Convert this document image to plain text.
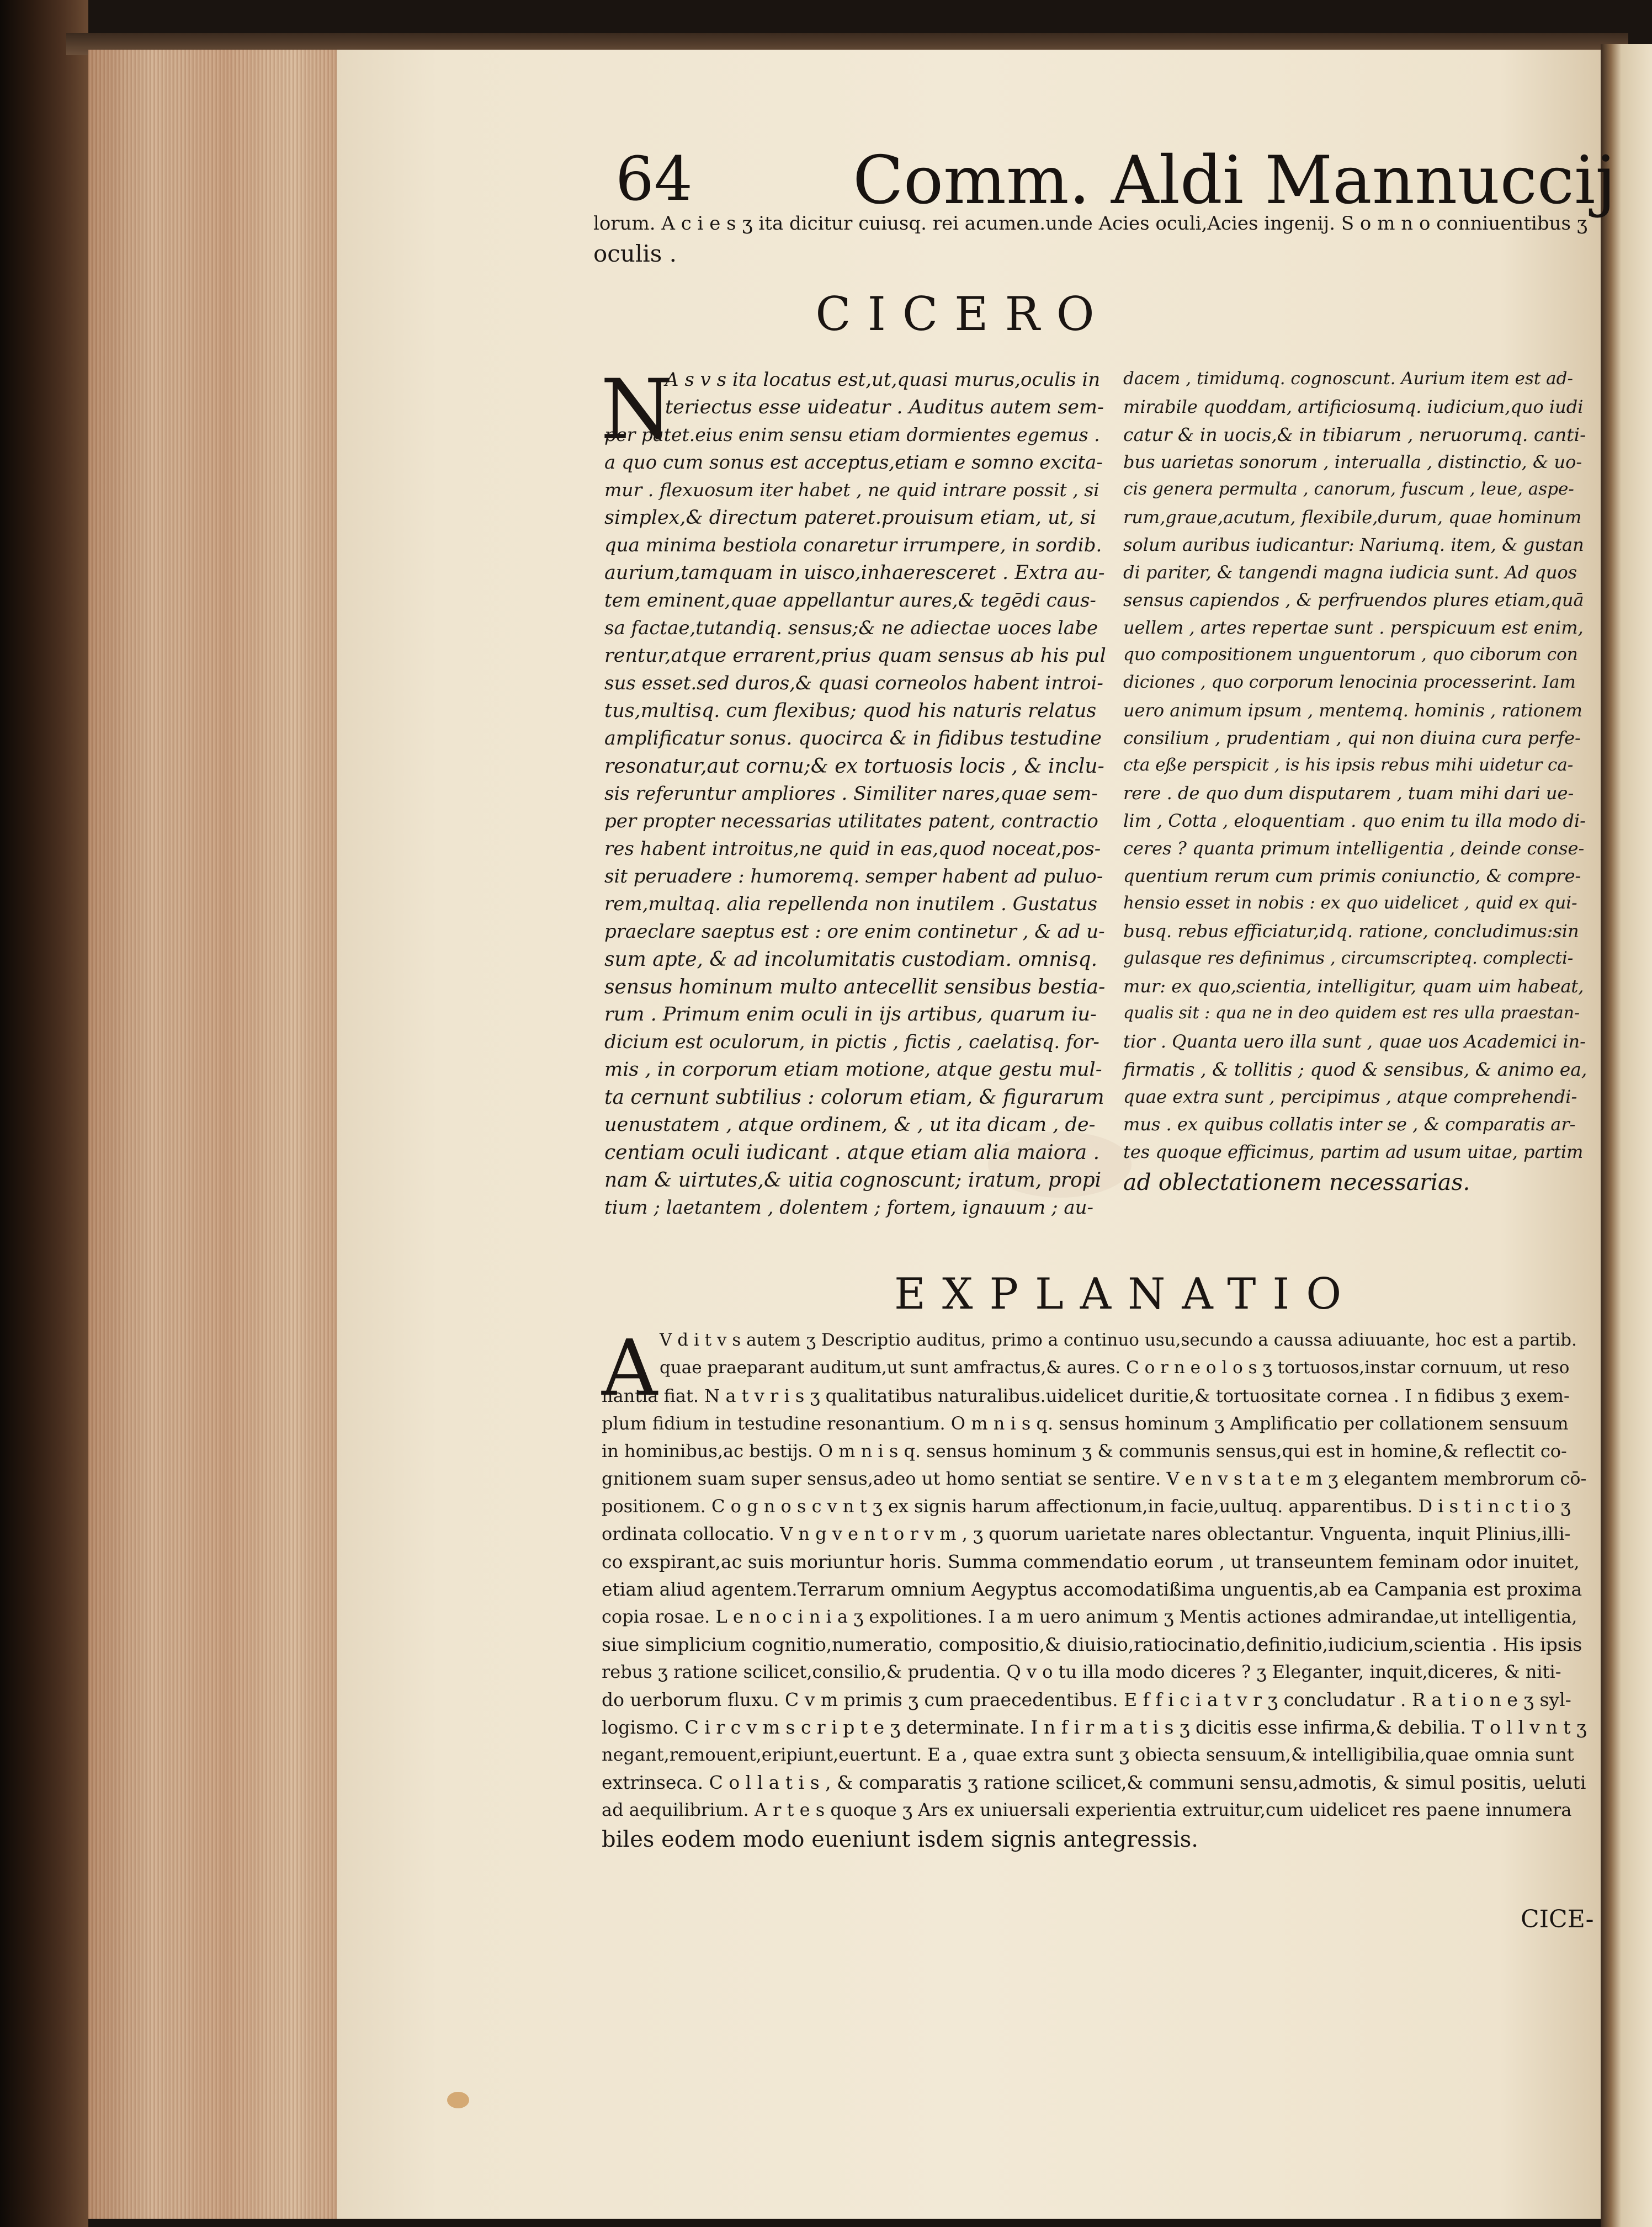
64 Comm. Aldi Mannuccij
lorum. A c i e s ʒ ita dicitur cuiusq. rei acumen.unde Acies oculi,Acies ingenij. S o m n o conniuentibus ʒ
oculis .
CICERO
N
A s v s ita locatus est,ut,quasi murus,oculis in
teriectus esse uideatur . Auditus autem sem-
per patet.eius enim sensu etiam dormientes egemus .
a quo cum sonus est acceptus,etiam e somno excita-
mur . flexuosum iter habet , ne quid intrare possit , si
simplex,& directum pateret.prouisum etiam, ut, si
qua minima bestiola conaretur irrumpere, in sordib.
aurium,tamquam in uisco,inhaeresceret . Extra au-
tem eminent,quae appellantur aures,& tegēdi caus-
sa factae,tutandiq. sensus;& ne adiectae uoces labe
rentur,atque errarent,prius quam sensus ab his pul
sus esset.sed duros,& quasi corneolos habent introi-
tus,multisq. cum flexibus; quod his naturis relatus
amplificatur sonus. quocirca & in fidibus testudine
resonatur,aut cornu;& ex tortuosis locis , & inclu-
sis referuntur ampliores . Similiter nares,quae sem-
per propter necessarias utilitates patent, contractio
res habent introitus,ne quid in eas,quod noceat,pos-
sit peruadere : humoremq. semper habent ad puluo-
rem,multaq. alia repellenda non inutilem . Gustatus
praeclare saeptus est : ore enim continetur , & ad u-
sum apte, & ad incolumitatis custodiam. omnisq.
sensus hominum multo antecellit sensibus bestia-
rum . Primum enim oculi in ijs artibus, quarum iu-
dicium est oculorum, in pictis , fictis , caelatisq. for-
mis , in corporum etiam motione, atque gestu mul-
ta cernunt subtilius : colorum etiam, & figurarum
uenustatem , atque ordinem, & , ut ita dicam , de-
centiam oculi iudicant . atque etiam alia maiora .
nam & uirtutes,& uitia cognoscunt; iratum, propi
tium ; laetantem , dolentem ; fortem, ignauum ; au-
dacem , timidumq. cognoscunt. Aurium item est ad-
mirabile quoddam, artificiosumq. iudicium,quo iudi
catur & in uocis,& in tibiarum , neruorumq. canti-
bus uarietas sonorum , interualla , distinctio, & uo-
cis genera permulta , canorum, fuscum , leue, aspe-
rum,graue,acutum, flexibile,durum, quae hominum
solum auribus iudicantur: Nariumq. item, & gustan
di pariter, & tangendi magna iudicia sunt. Ad quos
sensus capiendos , & perfruendos plures etiam,quā
uellem , artes repertae sunt . perspicuum est enim,
quo compositionem unguentorum , quo ciborum con
diciones , quo corporum lenocinia processerint. Iam
uero animum ipsum , mentemq. hominis , rationem
consilium , prudentiam , qui non diuina cura perfe-
cta eße perspicit , is his ipsis rebus mihi uidetur ca-
rere . de quo dum disputarem , tuam mihi dari ue-
lim , Cotta , eloquentiam . quo enim tu illa modo di-
ceres ? quanta primum intelligentia , deinde conse-
quentium rerum cum primis coniunctio, & compre-
hensio esset in nobis : ex quo uidelicet , quid ex qui-
busq. rebus efficiatur,idq. ratione, concludimus:sin
gulasque res definimus , circumscripteq. complecti-
mur: ex quo,scientia, intelligitur, quam uim habeat,
qualis sit : qua ne in deo quidem est res ulla praestan-
tior . Quanta uero illa sunt , quae uos Academici in-
firmatis , & tollitis ; quod & sensibus, & animo ea,
quae extra sunt , percipimus , atque comprehendi-
mus . ex quibus collatis inter se , & comparatis ar-
tes quoque efficimus, partim ad usum uitae, partim
ad oblectationem necessarias.
EXPLANATIO
A V d i t v s autem ʒ Descriptio auditus, primo a continuo usu,secundo a caussa adiuuante, hoc est a partib.
quae praeparant auditum,ut sunt amfractus,& aures. C o r n e o l o s ʒ tortuosos,instar cornuum, ut reso
nantia fiat. N a t v r i s ʒ qualitatibus naturalibus.uidelicet duritie,& tortuositate cornea . I n fidibus ʒ exem-
plum fidium in testudine resonantium. O m n i s q. sensus hominum ʒ Amplificatio per collationem sensuum
in hominibus,ac bestijs. O m n i s q. sensus hominum ʒ & communis sensus,qui est in homine,& reflectit co-
gnitionem suam super sensus,adeo ut homo sentiat se sentire. V e n v s t a t e m ʒ elegantem membrorum cō-
positionem. C o g n o s c v n t ʒ ex signis harum affectionum,in facie,uultuq. apparentibus. D i s t i n c t i o ʒ
ordinata collocatio. V n g v e n t o r v m , ʒ quorum uarietate nares oblectantur. Vnguenta, inquit Plinius,illi-
co exspirant,ac suis moriuntur horis. Summa commendatio eorum , ut transeuntem feminam odor inuitet,
etiam aliud agentem.Terrarum omnium Aegyptus accomodatißima unguentis,ab ea Campania est proxima
copia rosae. L e n o c i n i a ʒ expolitiones. I a m uero animum ʒ Mentis actiones admirandae,ut intelligentia,
siue simplicium cognitio,numeratio, compositio,& diuisio,ratiocinatio,definitio,iudicium,scientia . His ipsis
rebus ʒ ratione scilicet,consilio,& prudentia. Q v o tu illa modo diceres ? ʒ Eleganter, inquit,diceres, & niti-
do uerborum fluxu. C v m primis ʒ cum praecedentibus. E f f i c i a t v r ʒ concludatur . R a t i o n e ʒ syl-
logismo. C i r c v m s c r i p t e ʒ determinate. I n f i r m a t i s ʒ dicitis esse infirma,& debilia. T o l l v n t ʒ
negant,remouent,eripiunt,euertunt. E a , quae extra sunt ʒ obiecta sensuum,& intelligibilia,quae omnia sunt
extrinseca. C o l l a t i s , & comparatis ʒ ratione scilicet,& communi sensu,admotis, & simul positis, ueluti
ad aequilibrium. A r t e s quoque ʒ Ars ex uniuersali experientia extruitur,cum uidelicet res paene innumera
biles eodem modo eueniunt isdem signis antegressis.
CICE-
